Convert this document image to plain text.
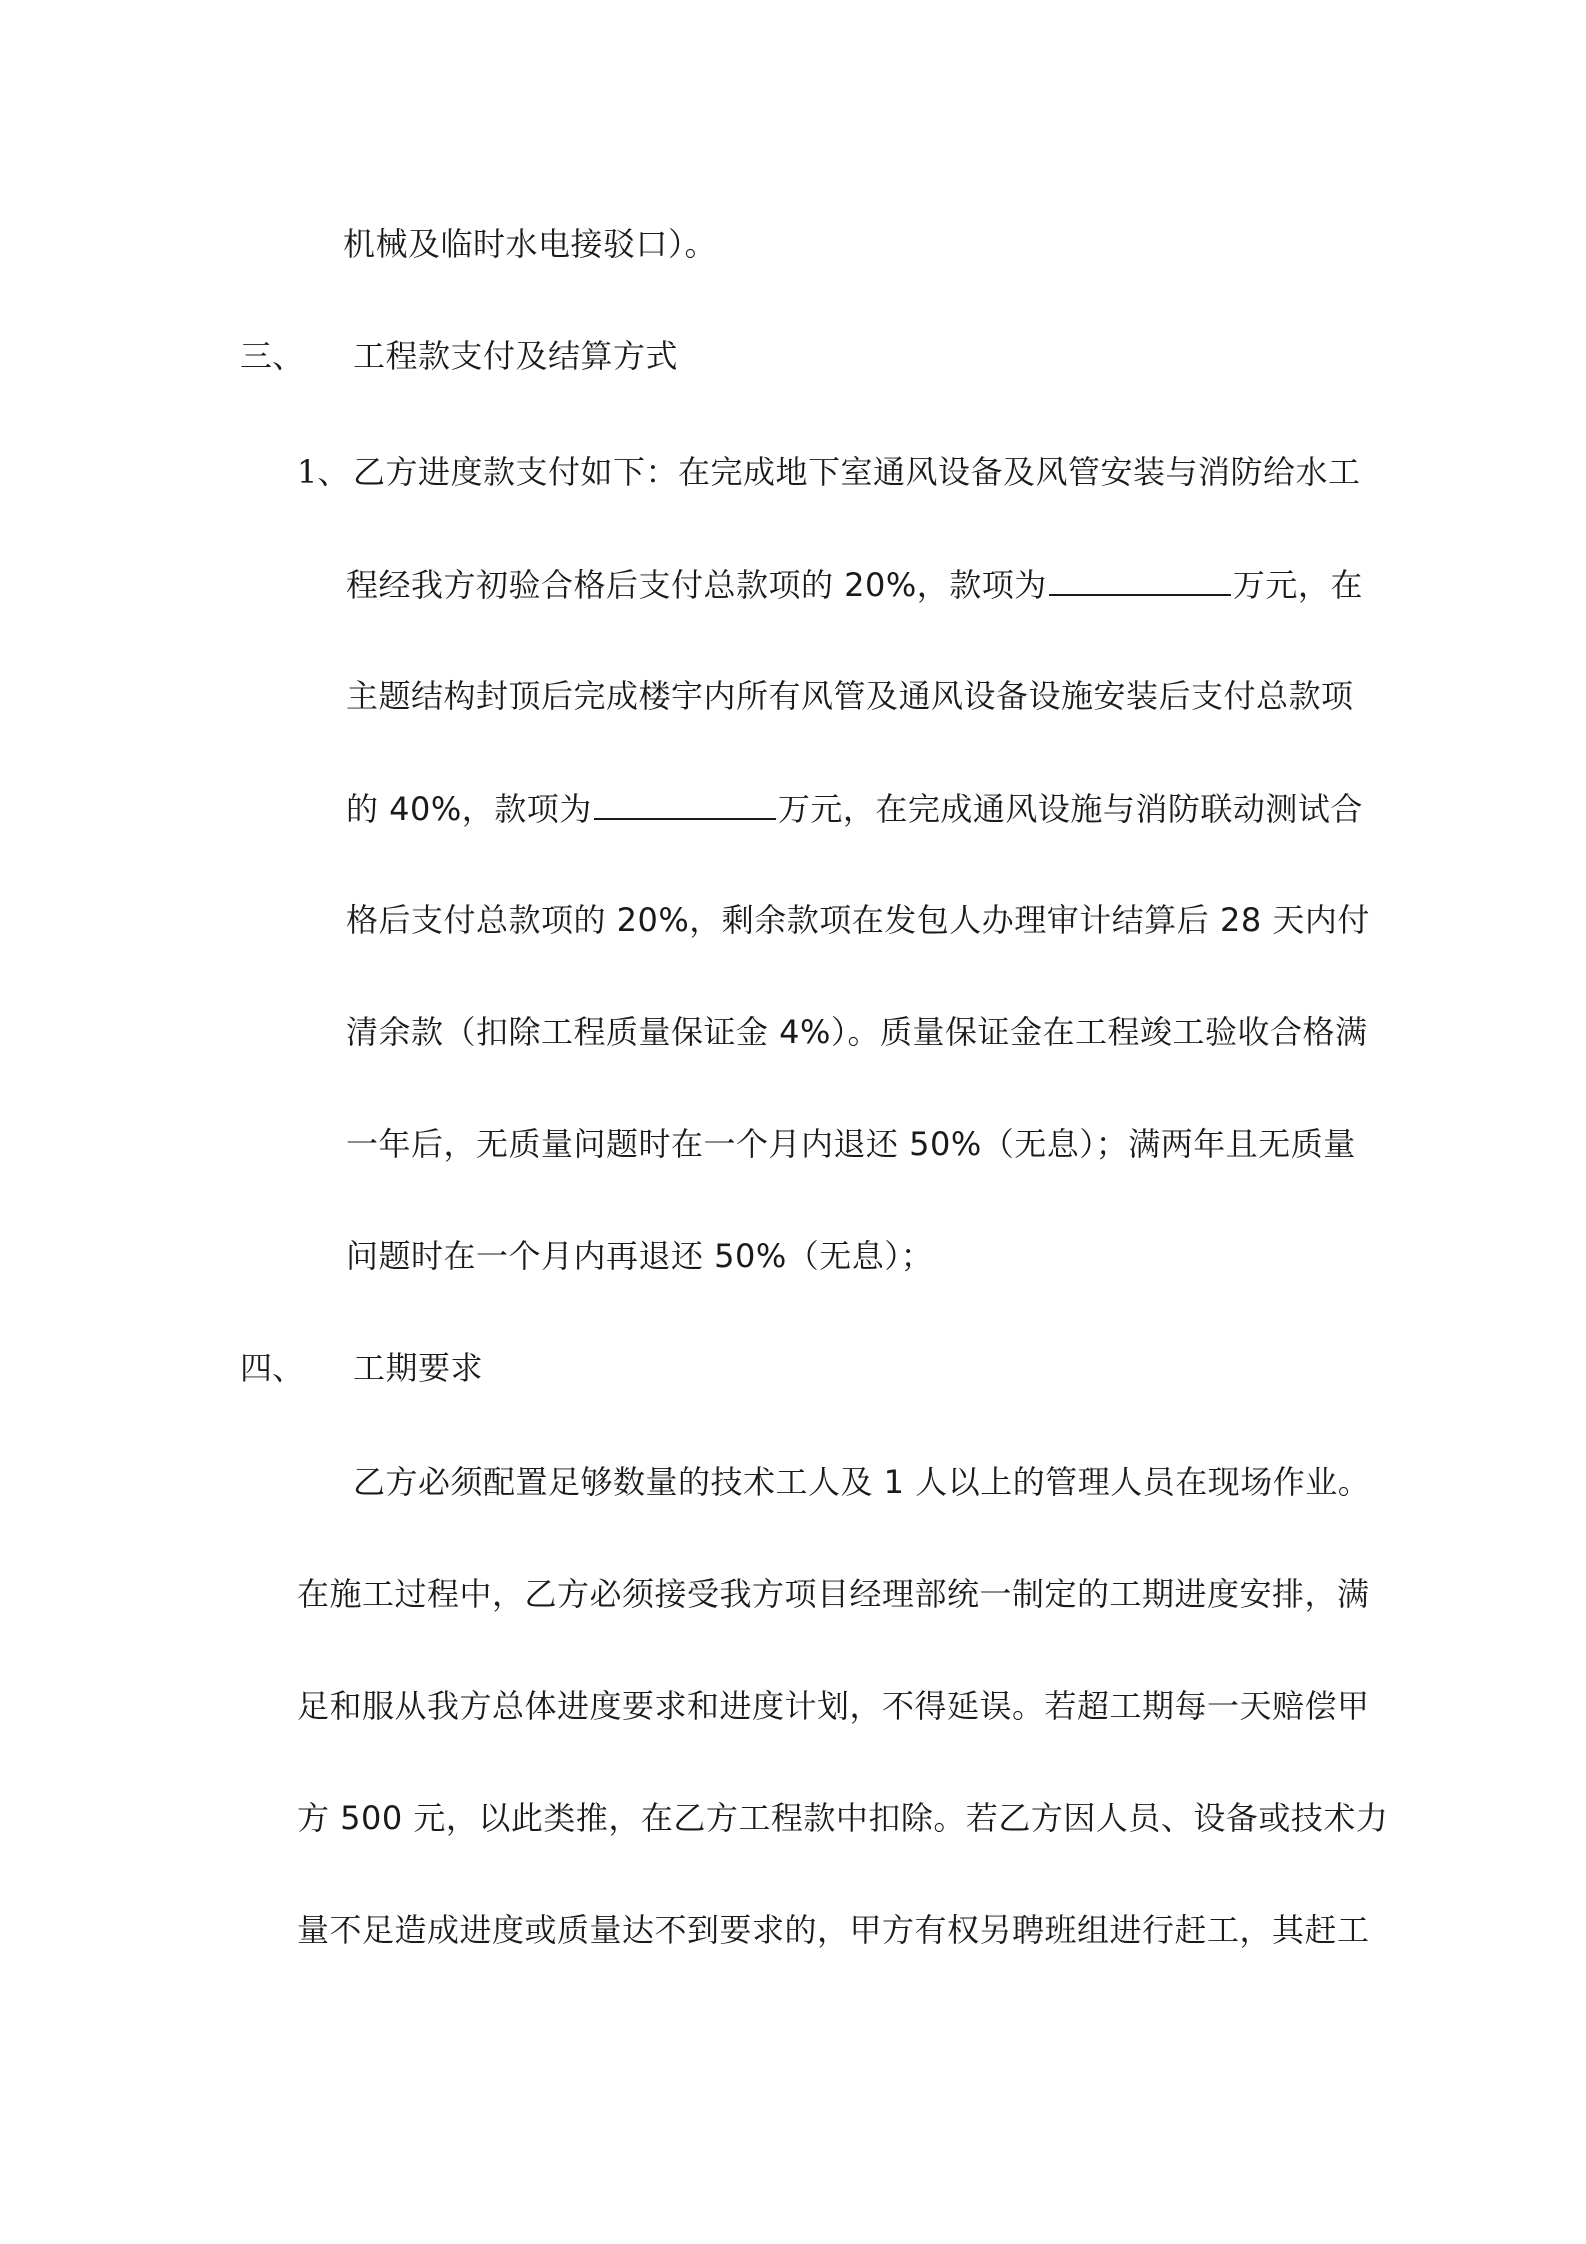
机械及临时水电接驳口）。
三、 工程款支付及结算方式
1、 乙方进度款支付如下：在完成地下室通风设备及风管安装与消防给水工
程经我方初验合格后支付总款项的 20%，款项为	万元，在
主题结构封顶后完成楼宇内所有风管及通风设备设施安装后支付总款项
的 40%，款项为	万元，在完成通风设施与消防联动测试合
格后支付总款项的 20%，剩余款项在发包人办理审计结算后 28 天内付
清余款（扣除工程质量保证金 4%）。质量保证金在工程竣工验收合格满
一年后，无质量问题时在一个月内退还 50%（无息）；满两年且无质量
问题时在一个月内再退还 50%（无息）；
四、 工期要求
乙方必须配置足够数量的技术工人及 1 人以上的管理人员在现场作业。
在施工过程中，乙方必须接受我方项目经理部统一制定的工期进度安排，满
足和服从我方总体进度要求和进度计划，不得延误。若超工期每一天赔偿甲
方 500 元，以此类推，在乙方工程款中扣除。若乙方因人员、设备或技术力
量不足造成进度或质量达不到要求的，甲方有权另聘班组进行赶工，其赶工
